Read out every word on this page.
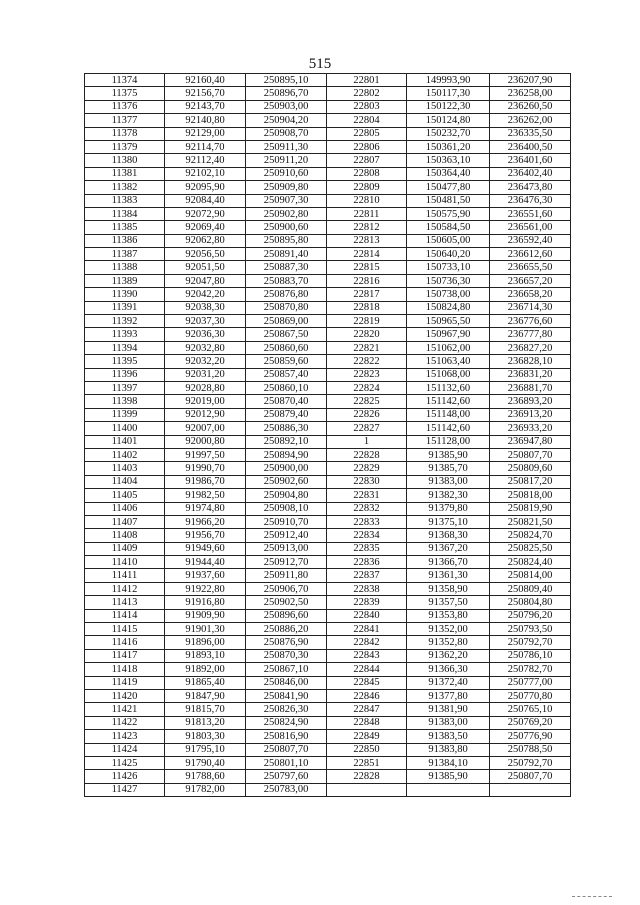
515
11374	92160,40	250895,10	22801	149993,90	236207,90
11375	92156,70	250896,70	22802	150117,30	236258,00
11376	92143,70	250903,00	22803	150122,30	236260,50
11377	92140,80	250904,20	22804	150124,80	236262,00
11378	92129,00	250908,70	22805	150232,70	236335,50
11379	92114,70	250911,30	22806	150361,20	236400,50
11380	92112,40	250911,20	22807	150363,10	236401,60
11381	92102,10	250910,60	22808	150364,40	236402,40
11382	92095,90	250909,80	22809	150477,80	236473,80
11383	92084,40	250907,30	22810	150481,50	236476,30
11384	92072,90	250902,80	22811	150575,90	236551,60
11385	92069,40	250900,60	22812	150584,50	236561,00
11386	92062,80	250895,80	22813	150605,00	236592,40
11387	92056,50	250891,40	22814	150640,20	236612,60
11388	92051,50	250887,30	22815	150733,10	236655,50
11389	92047,80	250883,70	22816	150736,30	236657,20
11390	92042,20	250876,80	22817	150738,00	236658,20
11391	92038,30	250870,80	22818	150824,80	236714,30
11392	92037,30	250869,00	22819	150965,50	236776,60
11393	92036,30	250867,50	22820	150967,90	236777,80
11394	92032,80	250860,60	22821	151062,00	236827,20
11395	92032,20	250859,60	22822	151063,40	236828,10
11396	92031,20	250857,40	22823	151068,00	236831,20
11397	92028,80	250860,10	22824	151132,60	236881,70
11398	92019,00	250870,40	22825	151142,60	236893,20
11399	92012,90	250879,40	22826	151148,00	236913,20
11400	92007,00	250886,30	22827	151142,60	236933,20
11401	92000,80	250892,10	1	151128,00	236947,80
11402	91997,50	250894,90	22828	91385,90	250807,70
11403	91990,70	250900,00	22829	91385,70	250809,60
11404	91986,70	250902,60	22830	91383,00	250817,20
11405	91982,50	250904,80	22831	91382,30	250818,00
11406	91974,80	250908,10	22832	91379,80	250819,90
11407	91966,20	250910,70	22833	91375,10	250821,50
11408	91956,70	250912,40	22834	91368,30	250824,70
11409	91949,60	250913,00	22835	91367,20	250825,50
11410	91944,40	250912,70	22836	91366,70	250824,40
11411	91937,60	250911,80	22837	91361,30	250814,00
11412	91922,80	250906,70	22838	91358,90	250809,40
11413	91916,80	250902,50	22839	91357,50	250804,80
11414	91909,90	250896,60	22840	91353,80	250796,20
11415	91901,30	250886,20	22841	91352,00	250793,50
11416	91896,00	250876,90	22842	91352,80	250792,70
11417	91893,10	250870,30	22843	91362,20	250786,10
11418	91892,00	250867,10	22844	91366,30	250782,70
11419	91865,40	250846,00	22845	91372,40	250777,00
11420	91847,90	250841,90	22846	91377,80	250770,80
11421	91815,70	250826,30	22847	91381,90	250765,10
11422	91813,20	250824,90	22848	91383,00	250769,20
11423	91803,30	250816,90	22849	91383,50	250776,90
11424	91795,10	250807,70	22850	91383,80	250788,50
11425	91790,40	250801,10	22851	91384,10	250792,70
11426	91788,60	250797,60	22828	91385,90	250807,70
11427	91782,00	250783,00			
